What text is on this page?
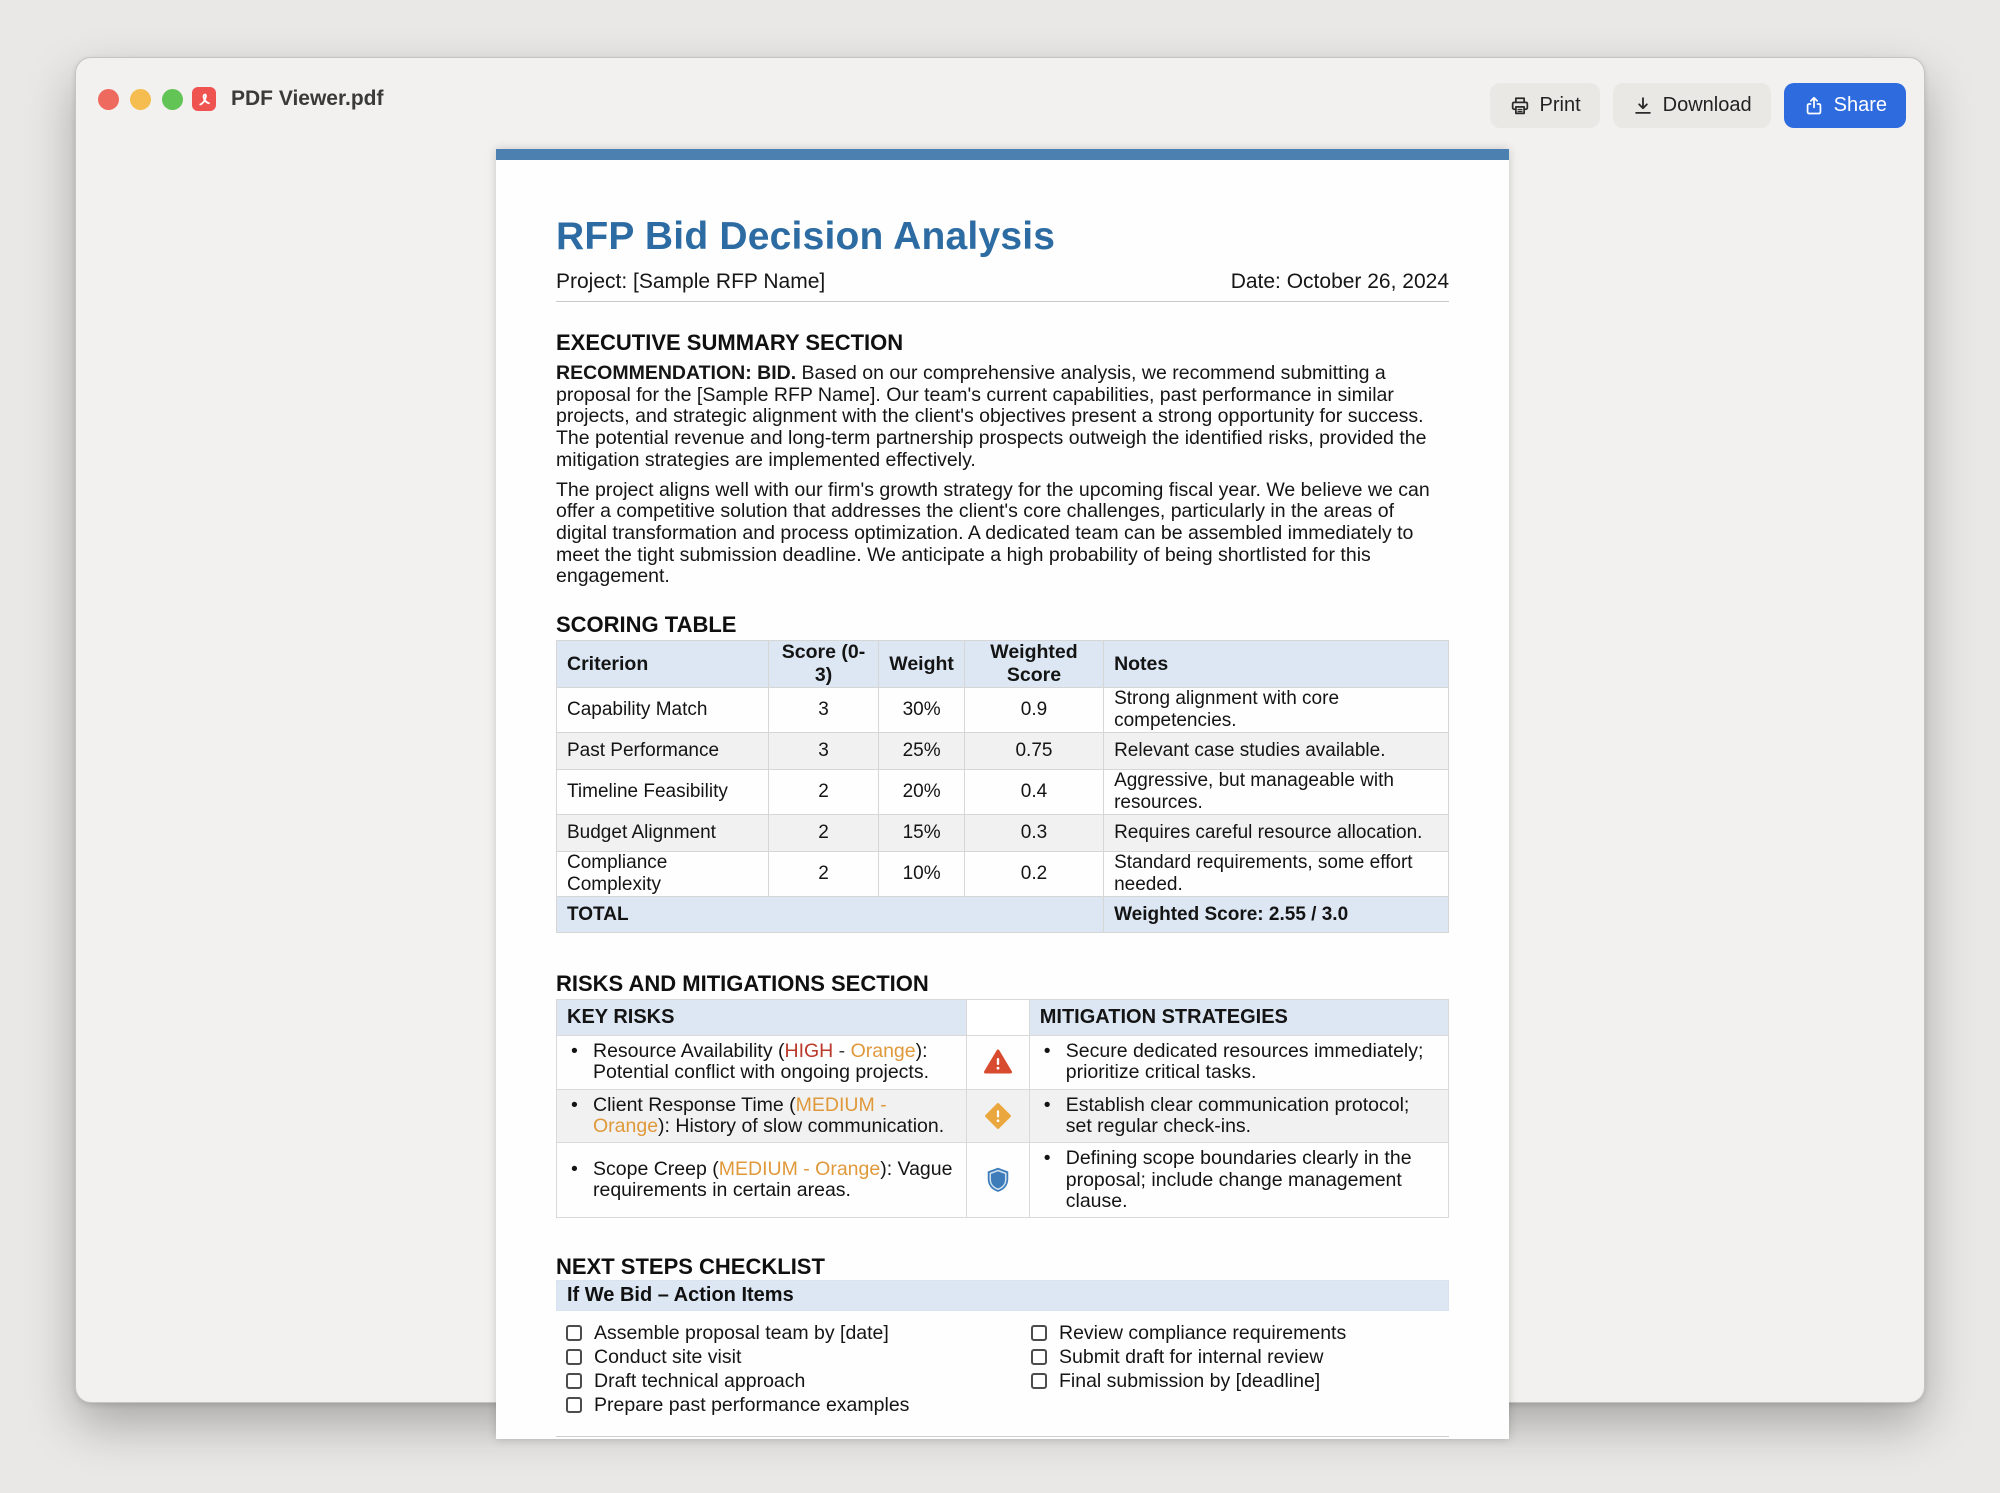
PDF Viewer.pdf	Print	Download	Share
RFP Bid Decision Analysis
Project: [Sample RFP Name]	Date: October 26, 2024
EXECUTIVE SUMMARY SECTION

RECOMMENDATION: BID. Based on our comprehensive analysis, we recommend submitting a proposal for the [Sample RFP Name]. Our team's current capabilities, past performance in similar projects, and strategic alignment with the client's objectives present a strong opportunity for success. The potential revenue and long-term partnership prospects outweigh the identified risks, provided the mitigation strategies are implemented effectively.

The project aligns well with our firm's growth strategy for the upcoming fiscal year. We believe we can offer a competitive solution that addresses the client's core challenges, particularly in the areas of digital transformation and process optimization. A dedicated team can be assembled immediately to meet the tight submission deadline. We anticipate a high probability of being shortlisted for this engagement.

SCORING TABLE
Criterion	Score (0-3)	Weight	Weighted Score	Notes
Capability Match	3	30%	0.9	Strong alignment with core competencies.
Past Performance	3	25%	0.75	Relevant case studies available.
Timeline Feasibility	2	20%	0.4	Aggressive, but manageable with resources.
Budget Alignment	2	15%	0.3	Requires careful resource allocation.
Compliance Complexity	2	10%	0.2	Standard requirements, some effort needed.
TOTAL				Weighted Score: 2.55 / 3.0
RISKS AND MITIGATIONS SECTION
KEY RISKS		MITIGATION STRATEGIES

• Resource Availability (HIGH - Orange): Potential conflict with ongoing projects.		• Secure dedicated resources immediately; prioritize critical tasks.

• Client Response Time (MEDIUM - Orange): History of slow communication.		• Establish clear communication protocol; set regular check-ins.

• Scope Creep (MEDIUM - Orange): Vague requirements in certain areas.		• Defining scope boundaries clearly in the proposal; include change management clause.
NEXT STEPS CHECKLIST
If We Bid – Action Items
Assemble proposal team by [date]
Conduct site visit
Draft technical approach
Prepare past performance examples
Review compliance requirements
Submit draft for internal review
Final submission by [deadline]
